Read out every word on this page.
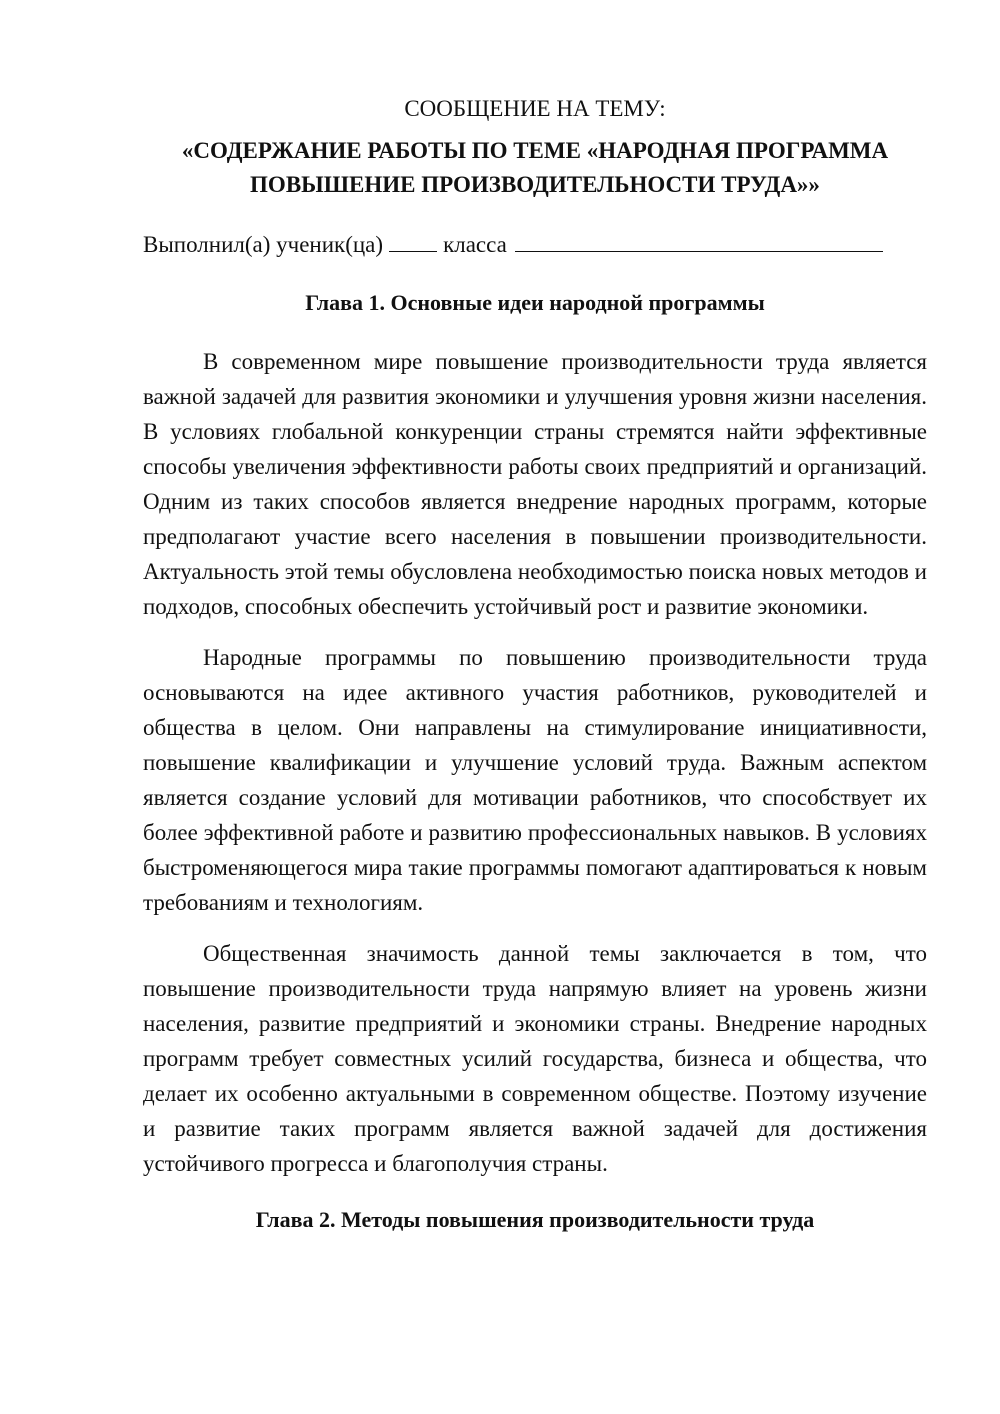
СООБЩЕНИЕ НА ТЕМУ:

«СОДЕРЖАНИЕ РАБОТЫ ПО ТЕМЕ «НАРОДНАЯ ПРОГРАММА
ПОВЫШЕНИЕ ПРОИЗВОДИТЕЛЬНОСТИ ТРУДА»»
Выполнил(а) ученик(ца)	класса
Глава 1. Основные идеи народной программы

В современном мире повышение производительности труда является важной задачей для развития экономики и улучшения уровня жизни населения. В условиях глобальной конкуренции страны стремятся найти эффективные способы увеличения эффективности работы своих предприятий и организаций. Одним из таких способов является внедрение народных программ, которые предполагают участие всего населения в повышении производительности. Актуальность этой темы обусловлена необходимостью поиска новых методов и подходов, способных обеспечить устойчивый рост и развитие экономики.

Народные программы по повышению производительности труда основываются на идее активного участия работников, руководителей и общества в целом. Они направлены на стимулирование инициативности, повышение квалификации и улучшение условий труда. Важным аспектом является создание условий для мотивации работников, что способствует их более эффективной работе и развитию профессиональных навыков. В условиях быстроменяющегося мира такие программы помогают адаптироваться к новым требованиям и технологиям.

Общественная значимость данной темы заключается в том, что повышение производительности труда напрямую влияет на уровень жизни населения, развитие предприятий и экономики страны. Внедрение народных программ требует совместных усилий государства, бизнеса и общества, что делает их особенно актуальными в современном обществе. Поэтому изучение и развитие таких программ является важной задачей для достижения устойчивого прогресса и благополучия страны.

Глава 2. Методы повышения производительности труда
